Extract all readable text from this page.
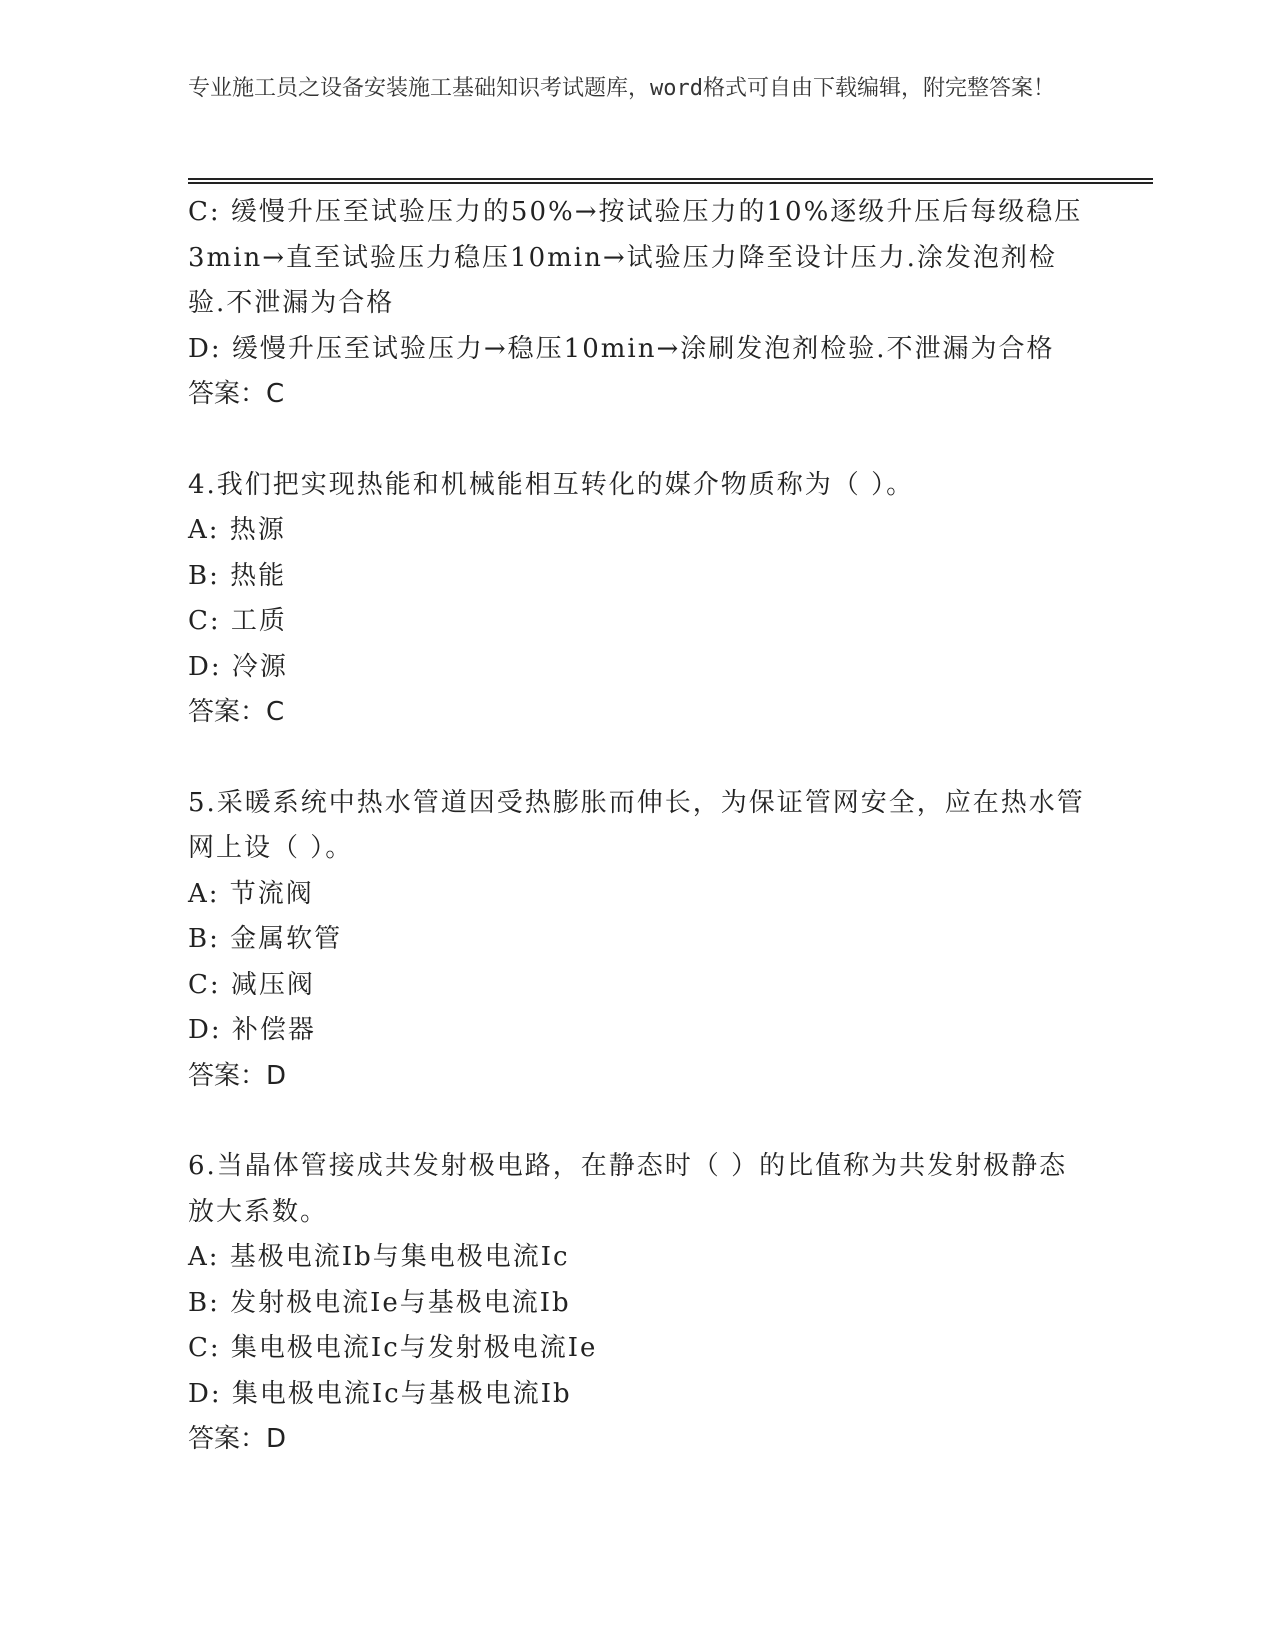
专业施工员之设备安装施工基础知识考试题库，word格式可自由下载编辑，附完整答案！
C: 缓慢升压至试验压力的50%→按试验压力的10%逐级升压后每级稳压3min→直至试验压力稳压10min→试验压力降至设计压力.涂发泡剂检验.不泄漏为合格
D: 缓慢升压至试验压力→稳压10min→涂刷发泡剂检验.不泄漏为合格
答案：C
4.我们把实现热能和机械能相互转化的媒介物质称为（ ）。
A: 热源
B: 热能
C: 工质
D: 冷源
答案：C
5.采暖系统中热水管道因受热膨胀而伸长，为保证管网安全，应在热水管网上设（ ）。
A: 节流阀
B: 金属软管
C: 减压阀
D: 补偿器
答案：D
6.当晶体管接成共发射极电路，在静态时（ ）的比值称为共发射极静态放大系数。
A: 基极电流Ib与集电极电流Ic
B: 发射极电流Ie与基极电流Ib
C: 集电极电流Ic与发射极电流Ie
D: 集电极电流Ic与基极电流Ib
答案：D
